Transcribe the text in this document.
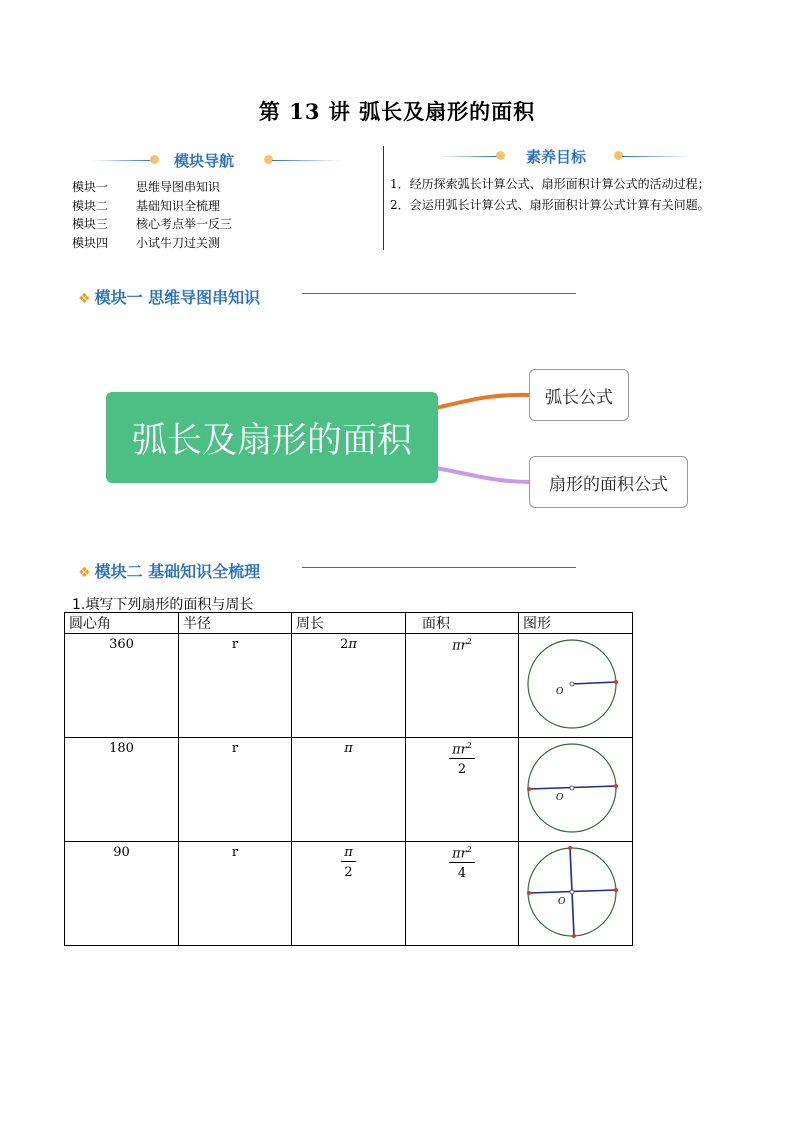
第 13 讲 弧长及扇形的面积
模块导航
模块一 思维导图串知识
模块二 基础知识全梳理
模块三 核心考点举一反三
模块四 小试牛刀过关测
素养目标
1．经历探索弧长计算公式、扇形面积计算公式的活动过程；
2．会运用弧长计算公式、扇形面积计算公式计算有关问题。
❖ 模块一 思维导图串知识
弧长及扇形的面积
弧长公式
扇形的面积公式
❖ 模块二 基础知识全梳理
1.填写下列扇形的面积与周长
圆心角	半径	周长	面积	图形
360	r	2π	$\pi r^2$	O

180	r	π	$\frac{\pi r^2}{2}$	O

90	r	$\frac{\pi}{2}$	$\frac{\pi r^2}{4}$	O
